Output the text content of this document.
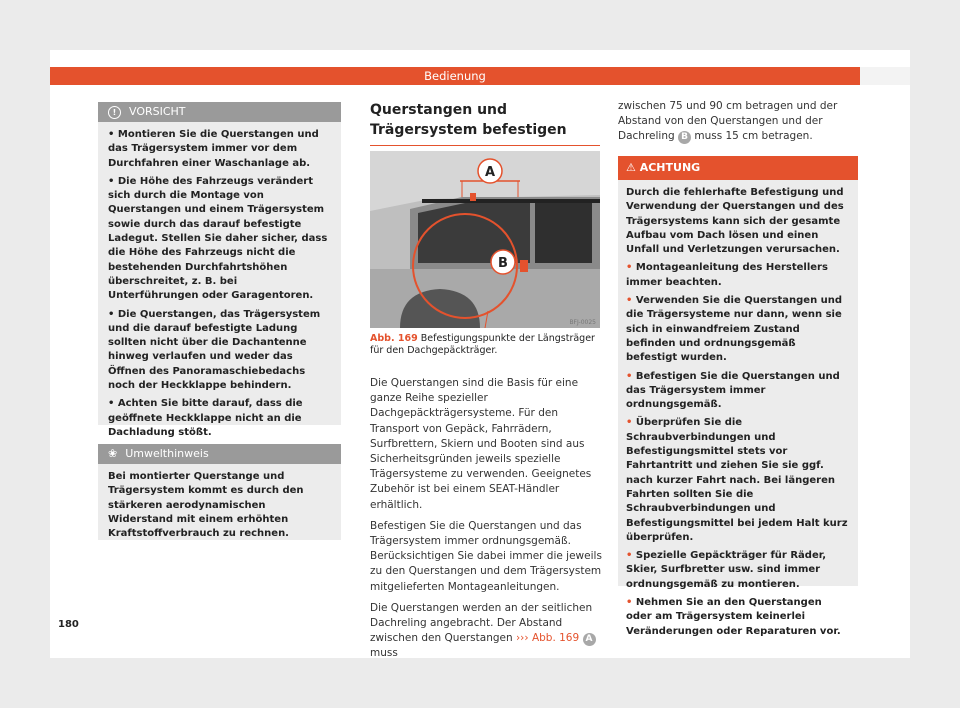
Bedienung
!	VORSICHT

• Montieren Sie die Querstangen und das Trägersystem immer vor dem Durchfahren einer Waschanlage ab.

• Die Höhe des Fahrzeugs verändert sich durch die Montage von Querstangen und einem Trägersystem sowie durch das darauf befestigte Ladegut. Stellen Sie daher sicher, dass die Höhe des Fahrzeugs nicht die bestehenden Durchfahrtshöhen überschreitet, z. B. bei Unterführungen oder Garagentoren.

• Die Querstangen, das Trägersystem und die darauf befestigte Ladung sollten nicht über die Dachantenne hinweg verlaufen und weder das Öffnen des Panoramaschiebedachs noch der Heckklappe behindern.

• Achten Sie bitte darauf, dass die geöffnete Heckklappe nicht an die Dachladung stößt.

❀ Umwelthinweis
Bei montierter Querstange und Trägersystem kommt es durch den stärkeren aerodynamischen Widerstand mit einem erhöhten Kraftstoffverbrauch zu rechnen.
Querstangen und Trägersystem befestigen
A
B
BFJ-0025
Abb. 169 Befestigungspunkte der Längsträger für den Dachgepäckträger.

Die Querstangen sind die Basis für eine ganze Reihe spezieller Dachgepäckträgersysteme. Für den Transport von Gepäck, Fahrrädern, Surfbrettern, Skiern und Booten sind aus Sicherheitsgründen jeweils spezielle Trägersysteme zu verwenden. Geeignetes Zubehör ist bei einem SEAT-Händler erhältlich.

Befestigen Sie die Querstangen und das Trägersystem immer ordnungsgemäß. Berücksichtigen Sie dabei immer die jeweils zu den Querstangen und dem Trägersystem mitgelieferten Montageanleitungen.

Die Querstangen werden an der seitlichen Dachreling angebracht. Der Abstand zwischen den Querstangen ››› Abb. 169 A muss

zwischen 75 und 90 cm betragen und der Abstand von den Querstangen und der Dachreling B muss 15 cm betragen.

⚠ ACHTUNG

Durch die fehlerhafte Befestigung und Verwendung der Querstangen und des Trägersystems kann sich der gesamte Aufbau vom Dach lösen und einen Unfall und Verletzungen verursachen.

• Montageanleitung des Herstellers immer beachten.

• Verwenden Sie die Querstangen und die Trägersysteme nur dann, wenn sie sich in einwandfreiem Zustand befinden und ordnungsgemäß befestigt wurden.

• Befestigen Sie die Querstangen und das Trägersystem immer ordnungsgemäß.

• Überprüfen Sie die Schraubverbindungen und Befestigungsmittel stets vor Fahrtantritt und ziehen Sie sie ggf. nach kurzer Fahrt nach. Bei längeren Fahrten sollten Sie die Schraubverbindungen und Befestigungsmittel bei jedem Halt kurz überprüfen.

• Spezielle Gepäckträger für Räder, Skier, Surfbretter usw. sind immer ordnungsgemäß zu montieren.

• Nehmen Sie an den Querstangen oder am Trägersystem keinerlei Veränderungen oder Reparaturen vor.

180
